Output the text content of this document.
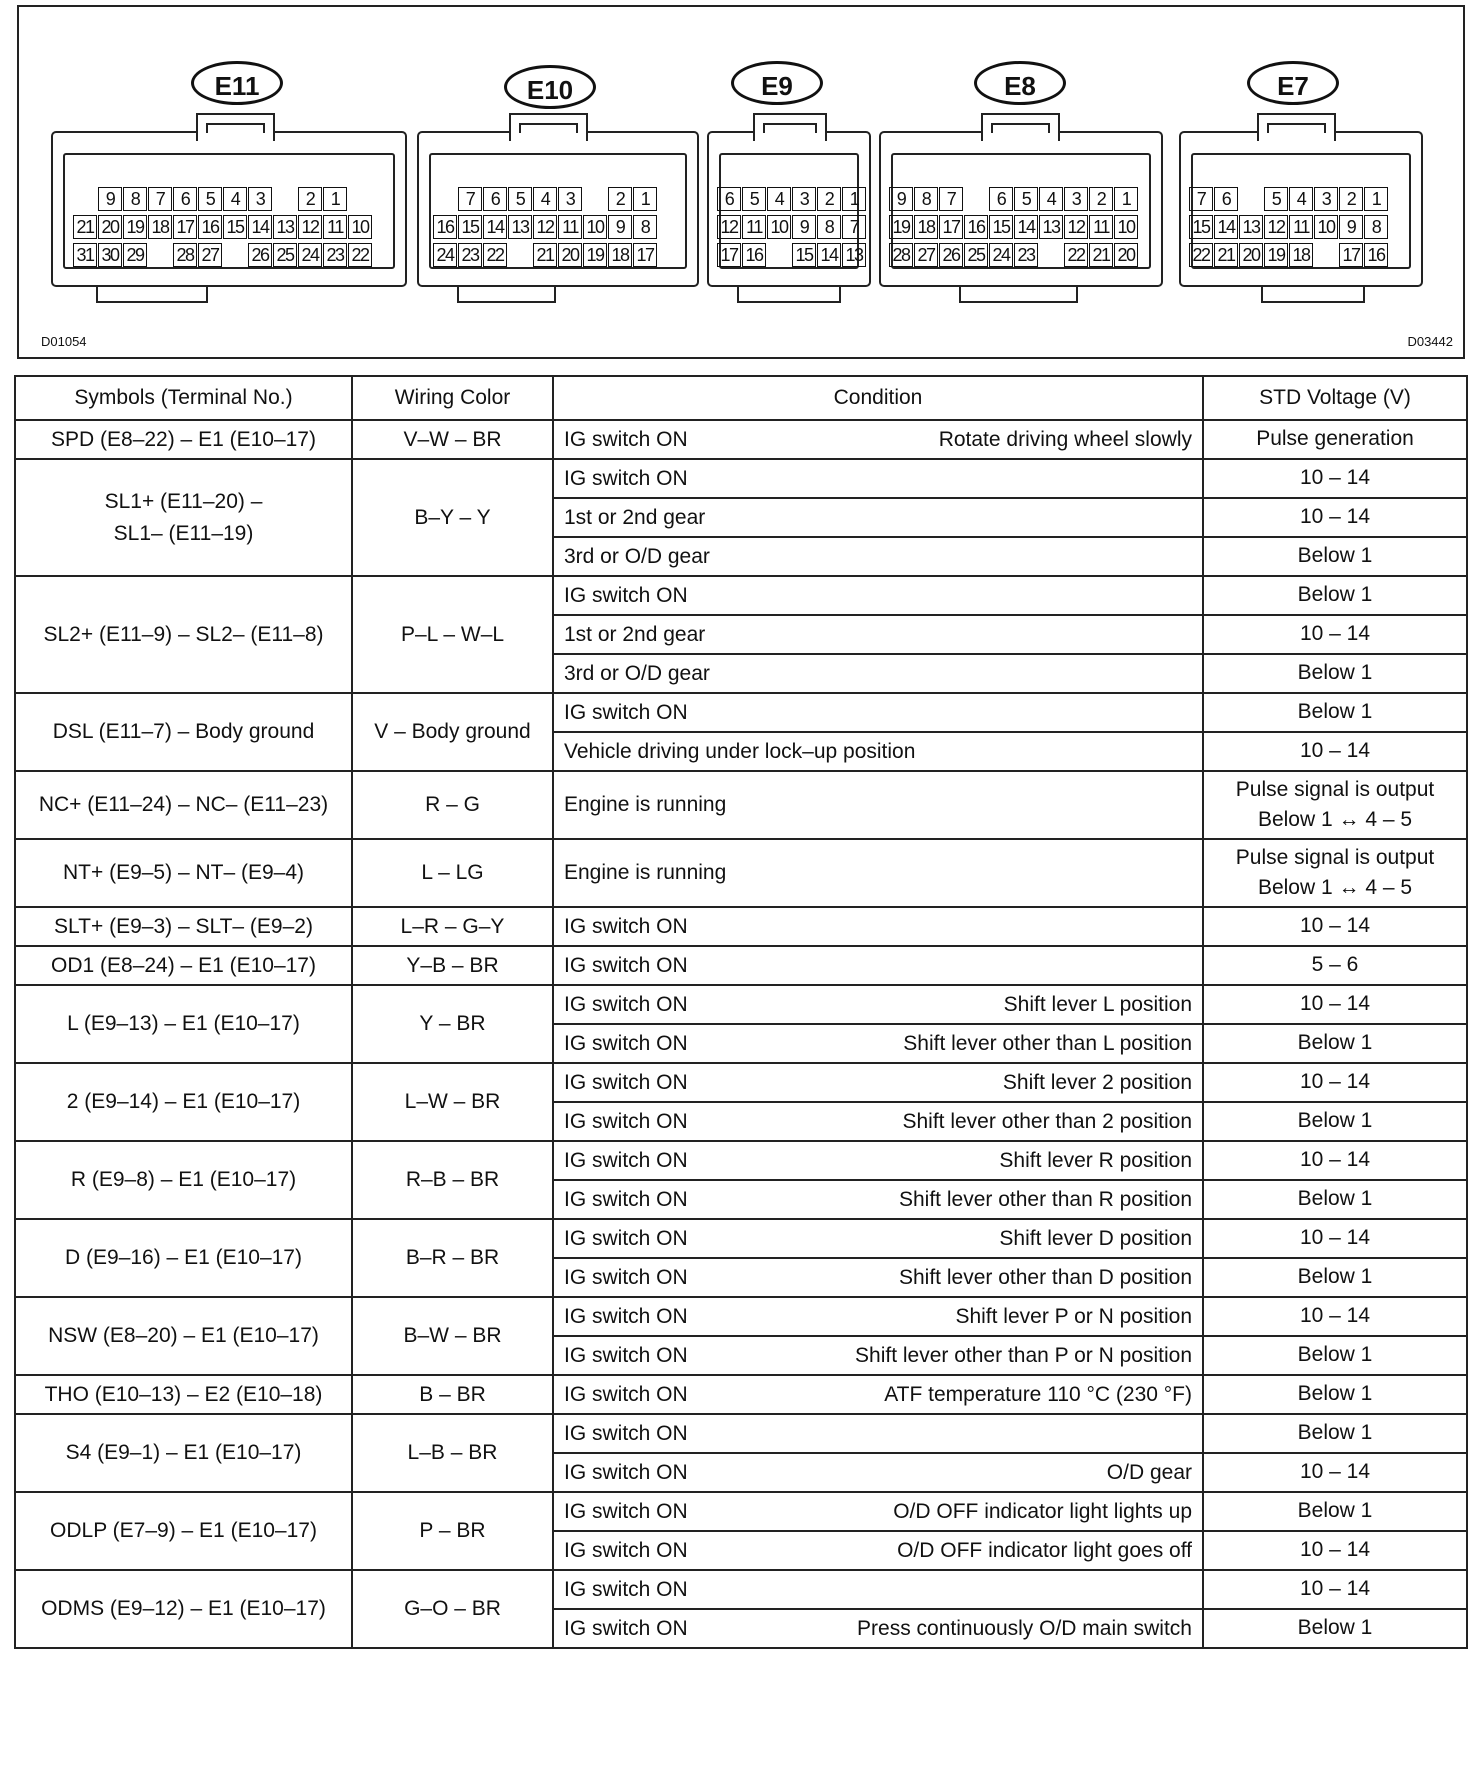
E11	E10	E9	E8	E7
9 8 7 6 5 4 3	2 1
21 20 19 18 17 16 15 14 13 12 11 10
31 30 29 28 27 26 25 24 23 22
7 6 5 4 3	2 1
16 15 14 13 12 11 10 9 8
24 23 22 21 20 19 18 17
6 5 4 3 2 1
12 11 10 9 8 7
17 16 15 14 13
9 8 7	6 5 4 3 2 1
19 18 17 16 15 14 13 12 11 10
28 27 26 25 24 23 22 21 20
7 6	5 4 3 2 1
15 14 13 12 11 10 9 8
22 21 20 19 18 17 16
D01054	D03442
Symbols (Terminal No.)	Wiring Color	Condition	STD Voltage (V)
SPD (E8–22) – E1 (E10–17)	V–W – BR	IG switch ON Rotate driving wheel slowly	Pulse generation
SL1+ (E11–20) –
SL1– (E11–19)	B–Y – Y	IG switch ON	10 – 14

		1st or 2nd gear	10 – 14

		3rd or O/D gear	Below 1
SL2+ (E11–9) – SL2– (E11–8)	P–L – W–L	IG switch ON	Below 1

		1st or 2nd gear	10 – 14

		3rd or O/D gear	Below 1
DSL (E11–7) – Body ground	V – Body ground	IG switch ON	Below 1

		Vehicle driving under lock–up position	10 – 14
NC+ (E11–24) – NC– (E11–23)	R – G	Engine is running	Pulse signal is output
Below 1 ↔ 4 – 5
NT+ (E9–5) – NT– (E9–4)	L – LG	Engine is running	Pulse signal is output
Below 1 ↔ 4 – 5
SLT+ (E9–3) – SLT– (E9–2)	L–R – G–Y	IG switch ON	10 – 14
OD1 (E8–24) – E1 (E10–17)	Y–B – BR	IG switch ON	5 – 6
L (E9–13) – E1 (E10–17)	Y – BR	IG switch ON Shift lever L position	10 – 14

		IG switch ON Shift lever other than L position	Below 1
2 (E9–14) – E1 (E10–17)	L–W – BR	IG switch ON Shift lever 2 position	10 – 14

		IG switch ON Shift lever other than 2 position	Below 1
R (E9–8) – E1 (E10–17)	R–B – BR	IG switch ON Shift lever R position	10 – 14

		IG switch ON Shift lever other than R position	Below 1
D (E9–16) – E1 (E10–17)	B–R – BR	IG switch ON Shift lever D position	10 – 14

		IG switch ON Shift lever other than D position	Below 1
NSW (E8–20) – E1 (E10–17)	B–W – BR	IG switch ON Shift lever P or N position	10 – 14

		IG switch ON Shift lever other than P or N position	Below 1
THO (E10–13) – E2 (E10–18)	B – BR	IG switch ON ATF temperature 110 °C (230 °F)	Below 1
S4 (E9–1) – E1 (E10–17)	L–B – BR	IG switch ON	Below 1

		IG switch ON O/D gear	10 – 14
ODLP (E7–9) – E1 (E10–17)	P – BR	IG switch ON O/D OFF indicator light lights up	Below 1

		IG switch ON O/D OFF indicator light goes off	10 – 14
ODMS (E9–12) – E1 (E10–17)	G–O – BR	IG switch ON	10 – 14

		IG switch ON Press continuously O/D main switch	Below 1
